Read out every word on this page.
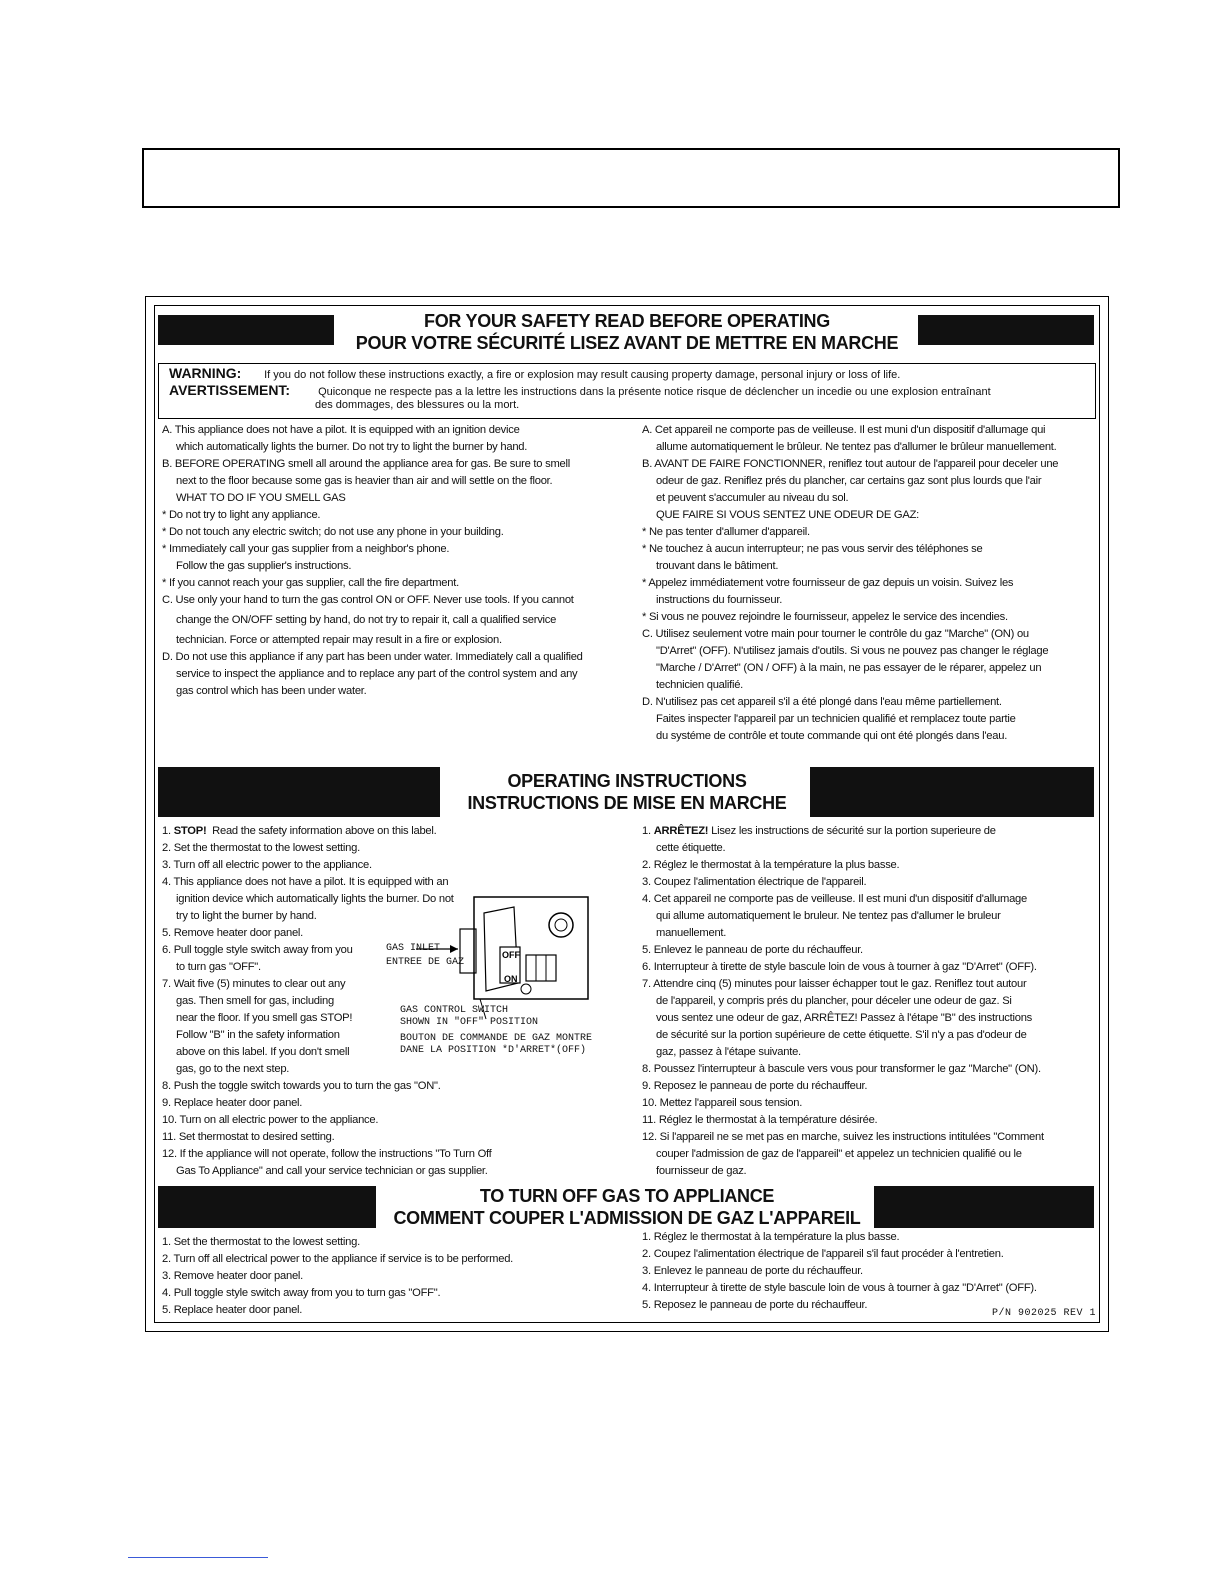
FOR YOUR SAFETY READ BEFORE OPERATING
POUR VOTRE SÉCURITÉ LISEZ AVANT DE METTRE EN MARCHE
WARNING: If you do not follow these instructions exactly, a fire or explosion may result causing property damage, personal injury or loss of life.
AVERTISSEMENT:	Quiconque ne respecte pas a la lettre les instructions dans la présente notice risque de déclencher un incedie ou une explosion entraînant
des dommages, des blessures ou la mort.
A. This appliance does not have a pilot. It is equipped with an ignition device
which automatically lights the burner. Do not try to light the burner by hand.
B. BEFORE OPERATING smell all around the appliance area for gas. Be sure to smell
next to the floor because some gas is heavier than air and will settle on the floor.
WHAT TO DO IF YOU SMELL GAS
* Do not try to light any appliance.
* Do not touch any electric switch; do not use any phone in your building.
* Immediately call your gas supplier from a neighbor's phone.
Follow the gas supplier's instructions.
* If you cannot reach your gas supplier, call the fire department.
C. Use only your hand to turn the gas control ON or OFF. Never use tools. If you cannot
change the ON/OFF setting by hand, do not try to repair it, call a qualified service
technician. Force or attempted repair may result in a fire or explosion.
D. Do not use this appliance if any part has been under water. Immediately call a qualified
service to inspect the appliance and to replace any part of the control system and any
gas control which has been under water.
A. Cet appareil ne comporte pas de veilleuse. Il est muni d'un dispositif d'allumage qui
allume automatiquement le brûleur. Ne tentez pas d'allumer le brûleur manuellement.
B. AVANT DE FAIRE FONCTIONNER, reniflez tout autour de l'appareil pour deceler une
odeur de gaz. Reniflez prés du plancher, car certains gaz sont plus lourds que l'air
et peuvent s'accumuler au niveau du sol.
QUE FAIRE SI VOUS SENTEZ UNE ODEUR DE GAZ:
* Ne pas tenter d'allumer d'appareil.
* Ne touchez à aucun interrupteur; ne pas vous servir des téléphones se
trouvant dans le bâtiment.
* Appelez immédiatement votre fournisseur de gaz depuis un voisin. Suivez les
instructions du fournisseur.
* Si vous ne pouvez rejoindre le fournisseur, appelez le service des incendies.
C. Utilisez seulement votre main pour tourner le contrôle du gaz "Marche" (ON) ou
"D'Arret" (OFF). N'utilisez jamais d'outils. Si vous ne pouvez pas changer le réglage
"Marche / D'Arret" (ON / OFF) à la main, ne pas essayer de le réparer, appelez un
technicien qualifié.
D. N'utilisez pas cet appareil s'il a été plongé dans l'eau même partiellement.
Faites inspecter l'appareil par un technicien qualifié et remplacez toute partie
du systéme de contrôle et toute commande qui ont été plongés dans l'eau.
OPERATING INSTRUCTIONS
INSTRUCTIONS DE MISE EN MARCHE
1. STOP! Read the safety information above on this label.
2. Set the thermostat to the lowest setting.
3. Turn off all electric power to the appliance.
4. This appliance does not have a pilot. It is equipped with an
ignition device which automatically lights the burner. Do not
try to light the burner by hand.
5. Remove heater door panel.
6. Pull toggle style switch away from you
to turn gas "OFF".
7. Wait five (5) minutes to clear out any
gas. Then smell for gas, including
near the floor. If you smell gas STOP!
Follow "B" in the safety information
above on this label. If you don't smell
gas, go to the next step.
8. Push the toggle switch towards you to turn the gas "ON".
9. Replace heater door panel.
10. Turn on all electric power to the appliance.
11. Set thermostat to desired setting.
12. If the appliance will not operate, follow the instructions "To Turn Off
Gas To Appliance" and call your service technician or gas supplier.
OFF
ON
GAS INLET
ENTREE DE GAZ
GAS CONTROL SWITCH
SHOWN IN "OFF" POSITION
BOUTON DE COMMANDE DE GAZ MONTRE
DANE LA POSITION *D'ARRET*(OFF)
1. ARRÊTEZ! Lisez les instructions de sécurité sur la portion superieure de
cette étiquette.
2. Réglez le thermostat à la température la plus basse.
3. Coupez l'alimentation électrique de l'appareil.
4. Cet appareil ne comporte pas de veilleuse. Il est muni d'un dispositif d'allumage
qui allume automatiquement le bruleur. Ne tentez pas d'allumer le bruleur
manuellement.
5. Enlevez le panneau de porte du réchauffeur.
6. Interrupteur à tirette de style bascule loin de vous à tourner à gaz "D'Arret" (OFF).
7. Attendre cinq (5) minutes pour laisser échapper tout le gaz. Reniflez tout autour
de l'appareil, y compris prés du plancher, pour déceler une odeur de gaz. Si
vous sentez une odeur de gaz, ARRÊTEZ! Passez à l'étape "B" des instructions
de sécurité sur la portion supérieure de cette étiquette. S'il n'y a pas d'odeur de
gaz, passez à l'étape suivante.
8. Poussez l'interrupteur à bascule vers vous pour transformer le gaz "Marche" (ON).
9. Reposez le panneau de porte du réchauffeur.
10. Mettez l'appareil sous tension.
11. Réglez le thermostat à la température désirée.
12. Si l'appareil ne se met pas en marche, suivez les instructions intitulées "Comment
couper l'admission de gaz de l'appareil" et appelez un technicien qualifié ou le
fournisseur de gaz.
TO TURN OFF GAS TO APPLIANCE
COMMENT COUPER L'ADMISSION DE GAZ L'APPAREIL
1. Set the thermostat to the lowest setting.
2. Turn off all electrical power to the appliance if service is to be performed.
3. Remove heater door panel.
4. Pull toggle style switch away from you to turn gas "OFF".
5. Replace heater door panel.
1. Réglez le thermostat à la température la plus basse.
2. Coupez l'alimentation électrique de l'appareil s'il faut procéder à l'entretien.
3. Enlevez le panneau de porte du réchauffeur.
4. Interrupteur à tirette de style bascule loin de vous à tourner à gaz "D'Arret" (OFF).
5. Reposez le panneau de porte du réchauffeur.
P/N 902025 REV 1
